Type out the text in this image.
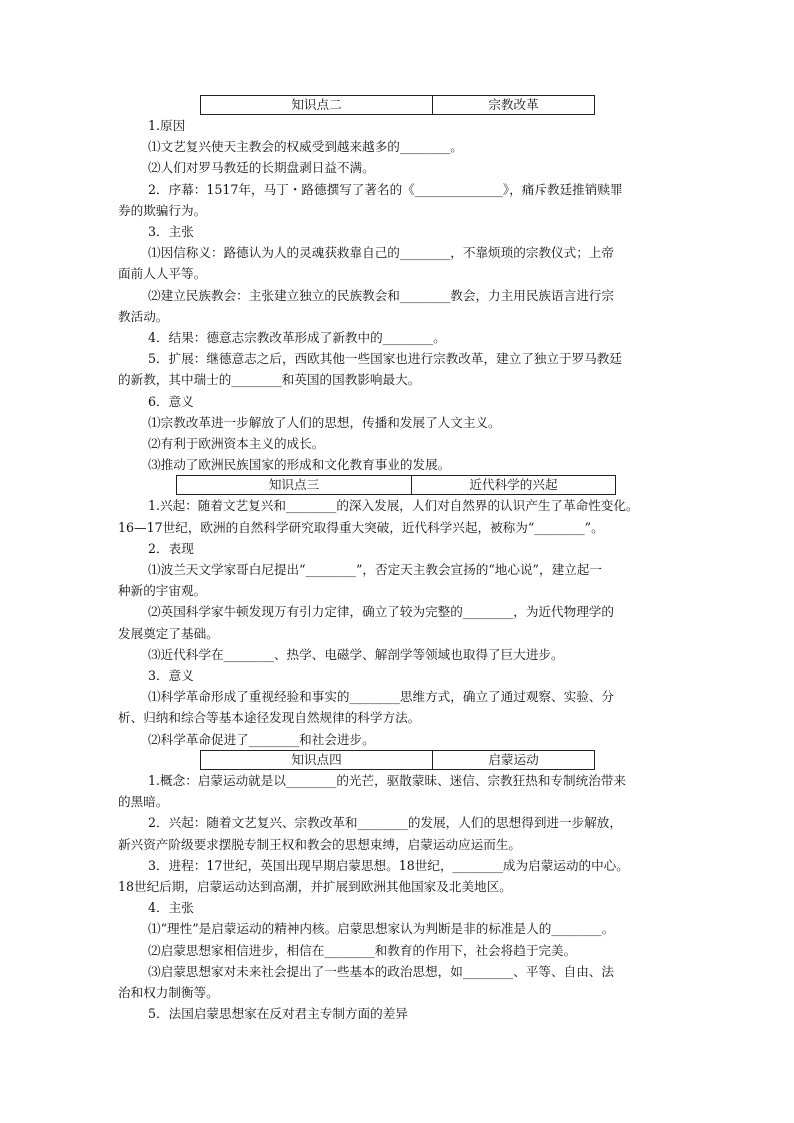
知识点二	宗教改革

1.原因

⑴文艺复兴使天主教会的权威受到越来越多的________。

⑵人们对罗马教廷的长期盘剥日益不满。

2．序幕：1517年，马丁・路德撰写了著名的《______________》，痛斥教廷推销赎罪

券的欺骗行为。

3．主张

⑴因信称义：路德认为人的灵魂获救靠自己的________，不靠烦琐的宗教仪式；上帝

面前人人平等。

⑵建立民族教会：主张建立独立的民族教会和________教会，力主用民族语言进行宗

教活动。

4．结果：德意志宗教改革形成了新教中的________。

5．扩展：继德意志之后，西欧其他一些国家也进行宗教改革，建立了独立于罗马教廷

的新教，其中瑞士的________和英国的国教影响最大。

6．意义

⑴宗教改革进一步解放了人们的思想，传播和发展了人文主义。

⑵有利于欧洲资本主义的成长。

⑶推动了欧洲民族国家的形成和文化教育事业的发展。

知识点三	近代科学的兴起

1.兴起：随着文艺复兴和________的深入发展，人们对自然界的认识产生了革命性变化。

16—17世纪，欧洲的自然科学研究取得重大突破，近代科学兴起，被称为“________”。

2．表现

⑴波兰天文学家哥白尼提出“________”，否定天主教会宣扬的“地心说”，建立起一

种新的宇宙观。

⑵英国科学家牛顿发现万有引力定律，确立了较为完整的________，为近代物理学的

发展奠定了基础。

⑶近代科学在________、热学、电磁学、解剖学等领域也取得了巨大进步。

3．意义

⑴科学革命形成了重视经验和事实的________思维方式，确立了通过观察、实验、分

析、归纳和综合等基本途径发现自然规律的科学方法。

⑵科学革命促进了________和社会进步。

知识点四	启蒙运动

1.概念：启蒙运动就是以________的光芒，驱散蒙昧、迷信、宗教狂热和专制统治带来

的黑暗。

2．兴起：随着文艺复兴、宗教改革和________的发展，人们的思想得到进一步解放，

新兴资产阶级要求摆脱专制王权和教会的思想束缚，启蒙运动应运而生。

3．进程：17世纪，英国出现早期启蒙思想。18世纪，________成为启蒙运动的中心。

18世纪后期，启蒙运动达到高潮，并扩展到欧洲其他国家及北美地区。

4．主张

⑴“理性”是启蒙运动的精神内核。启蒙思想家认为判断是非的标准是人的________。

⑵启蒙思想家相信进步，相信在________和教育的作用下，社会将趋于完美。

⑶启蒙思想家对未来社会提出了一些基本的政治思想，如________、平等、自由、法

治和权力制衡等。

5．法国启蒙思想家在反对君主专制方面的差异
